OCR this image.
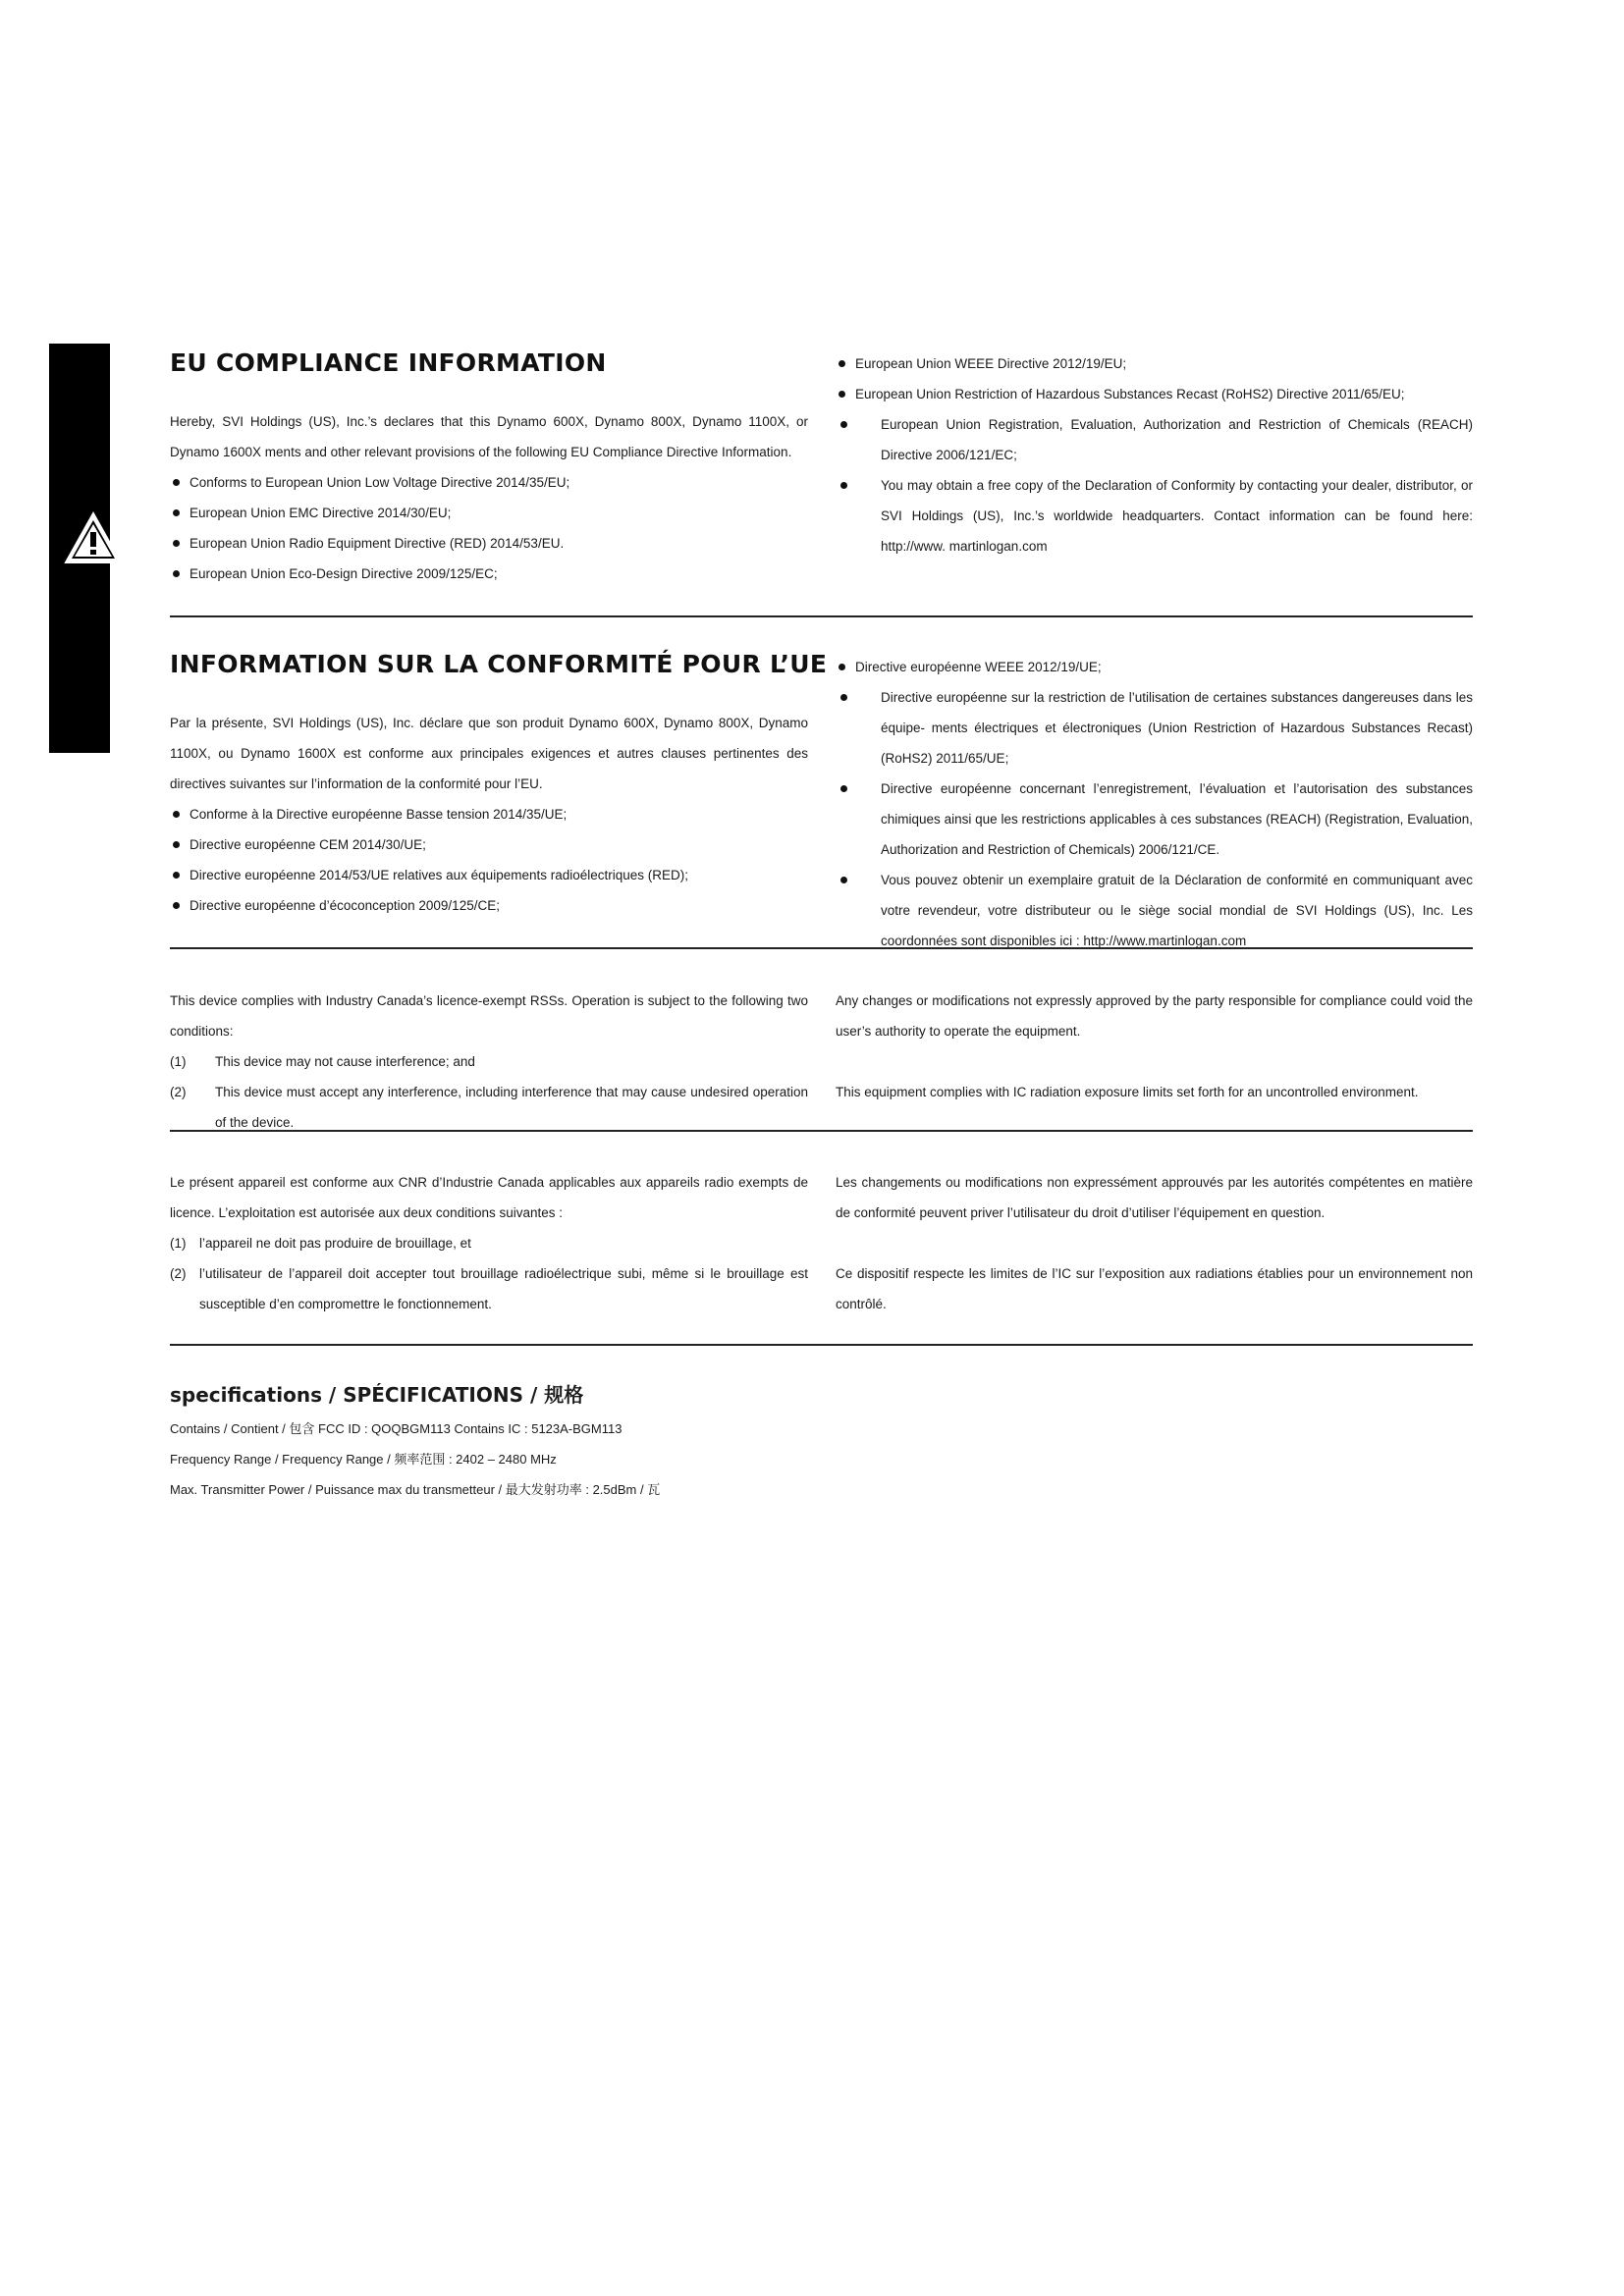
EU COMPLIANCE INFORMATION

Hereby, SVI Holdings (US), Inc.’s declares that this Dynamo 600X, Dynamo 800X, Dynamo 1100X, or Dynamo 1600X ments and other relevant provisions of the following EU Compliance Directive Information.

Conforms to European Union Low Voltage Directive 2014/35/EU;
European Union EMC Directive 2014/30/EU;
European Union Radio Equipment Directive (RED) 2014/53/EU.
European Union Eco-Design Directive 2009/125/EC;
European Union WEEE Directive 2012/19/EU;
European Union Restriction of Hazardous Substances Recast (RoHS2) Directive 2011/65/EU;
European Union Registration, Evaluation, Authorization and Restriction of Chemicals (REACH) Directive 2006/121/EC;
You may obtain a free copy of the Declaration of Conformity by contacting your dealer, distributor, or SVI Holdings (US), Inc.’s worldwide headquarters. Contact information can be found here: http://www. martinlogan.com
INFORMATION SUR LA CONFORMITÉ POUR L’UE

Par la présente, SVI Holdings (US), Inc. déclare que son produit Dynamo 600X, Dynamo 800X, Dynamo 1100X, ou Dynamo 1600X est conforme aux principales exigences et autres clauses pertinentes des directives suivantes sur l’information de la conformité pour l’EU.

Conforme à la Directive européenne Basse tension 2014/35/UE;
Directive européenne CEM 2014/30/UE;
Directive européenne 2014/53/UE relatives aux équipements radioélectriques (RED);
Directive européenne d’écoconception 2009/125/CE;
Directive européenne WEEE 2012/19/UE;
Directive européenne sur la restriction de l’utilisation de certaines substances dangereuses dans les équipe- ments électriques et électroniques (Union Restriction of Hazardous Substances Recast) (RoHS2) 2011/65/UE;
Directive européenne concernant l’enregistrement, l’évaluation et l’autorisation des substances chimiques ainsi que les restrictions applicables à ces substances (REACH) (Registration, Evaluation, Authorization and Restriction of Chemicals) 2006/121/CE.
Vous pouvez obtenir un exemplaire gratuit de la Déclaration de conformité en communiquant avec votre revendeur, votre distributeur ou le siège social mondial de SVI Holdings (US), Inc. Les coordonnées sont disponibles ici : http://www.martinlogan.com

This device complies with Industry Canada’s licence-exempt RSSs. Operation is subject to the following two conditions:

(1) This device may not cause interference; and
(2) This device must accept any interference, including interference that may cause undesired operation of the device.

Any changes or modifications not expressly approved by the party responsible for compliance could void the user’s authority to operate the equipment.

This equipment complies with IC radiation exposure limits set forth for an uncontrolled environment.

Le présent appareil est conforme aux CNR d’Industrie Canada applicables aux appareils radio exempts de licence. L’exploitation est autorisée aux deux conditions suivantes :

(1) l’appareil ne doit pas produire de brouillage, et
(2) l’utilisateur de l’appareil doit accepter tout brouillage radioélectrique subi, même si le brouillage est susceptible d’en compromettre le fonctionnement.

Les changements ou modifications non expressément approuvés par les autorités compétentes en matière de conformité peuvent priver l’utilisateur du droit d’utiliser l’équipement en question.

Ce dispositif respecte les limites de l’IC sur l’exposition aux radiations établies pour un environnement non contrôlé.

specifications / SPÉCIFICATIONS / 规格

Contains / Contient / 包含 FCC ID : QOQBGM113 Contains IC : 5123A-BGM113

Frequency Range / Frequency Range / 频率范围 : 2402 – 2480 MHz

Max. Transmitter Power / Puissance max du transmetteur / 最大发射功率 : 2.5dBm / 瓦
